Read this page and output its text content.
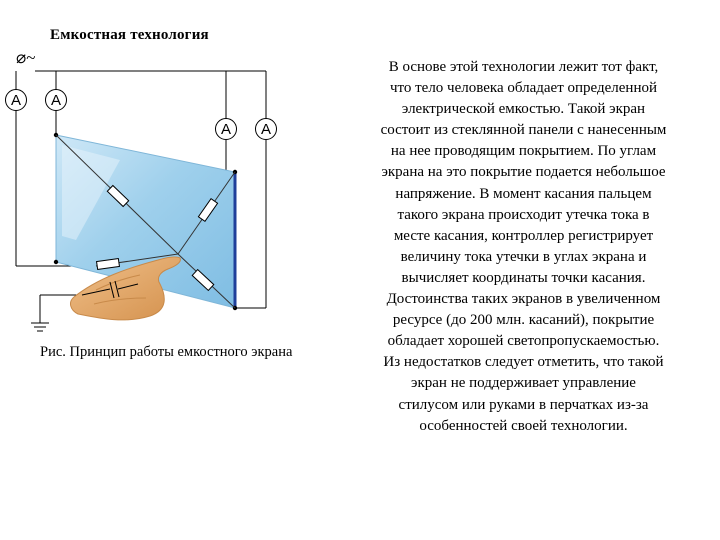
Емкостная технология
⌀~
A A
A A
Рис. Принцип работы емкостного экрана
В основе этой технологии лежит тот факт,
что тело человека обладает определенной
электрической емкостью. Такой экран
состоит из стеклянной панели с нанесенным
на нее проводящим покрытием. По углам
экрана на это покрытие подается небольшое
напряжение. В момент касания пальцем
такого экрана происходит утечка тока в
месте касания, контроллер регистрирует
величину тока утечки в углах экрана и
вычисляет координаты точки касания.
Достоинства таких экранов в увеличенном
ресурсе (до 200 млн. касаний), покрытие
обладает хорошей светопропускаемостью.
Из недостатков следует отметить, что такой
экран не поддерживает управление
стилусом или руками в перчатках из-за
особенностей своей технологии.
